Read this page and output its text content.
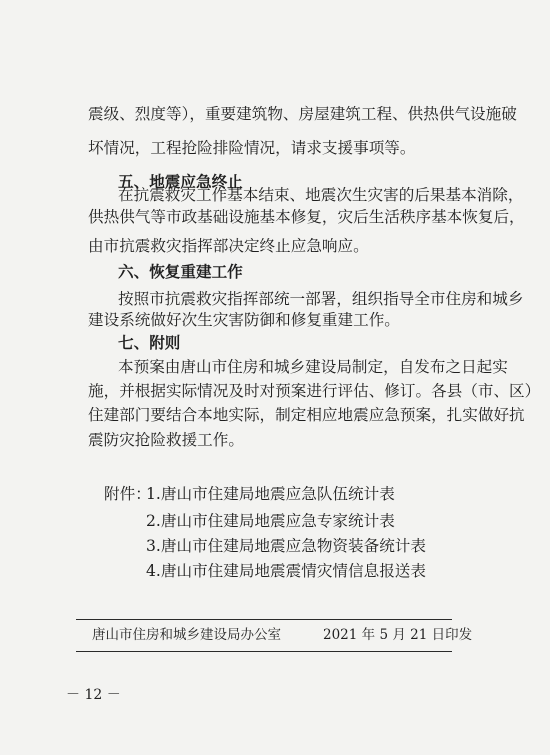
震级、烈度等），重要建筑物、房屋建筑工程、供热供气设施破
坏情况，工程抢险排险情况，请求支援事项等。
五、地震应急终止
在抗震救灾工作基本结束、地震次生灾害的后果基本消除，
供热供气等市政基础设施基本修复，灾后生活秩序基本恢复后，
由市抗震救灾指挥部决定终止应急响应。
六、恢复重建工作
按照市抗震救灾指挥部统一部署，组织指导全市住房和城乡
建设系统做好次生灾害防御和修复重建工作。
七、附则
本预案由唐山市住房和城乡建设局制定，自发布之日起实
施，并根据实际情况及时对预案进行评估、修订。各县（市、区）
住建部门要结合本地实际，制定相应地震应急预案，扎实做好抗
震防灾抢险救援工作。
附件：
1.唐山市住建局地震应急队伍统计表
2.唐山市住建局地震应急专家统计表
3.唐山市住建局地震应急物资装备统计表
4.唐山市住建局地震震情灾情信息报送表
唐山市住房和城乡建设局办公室	2021 年 5 月 21 日印发
－ 12 －
